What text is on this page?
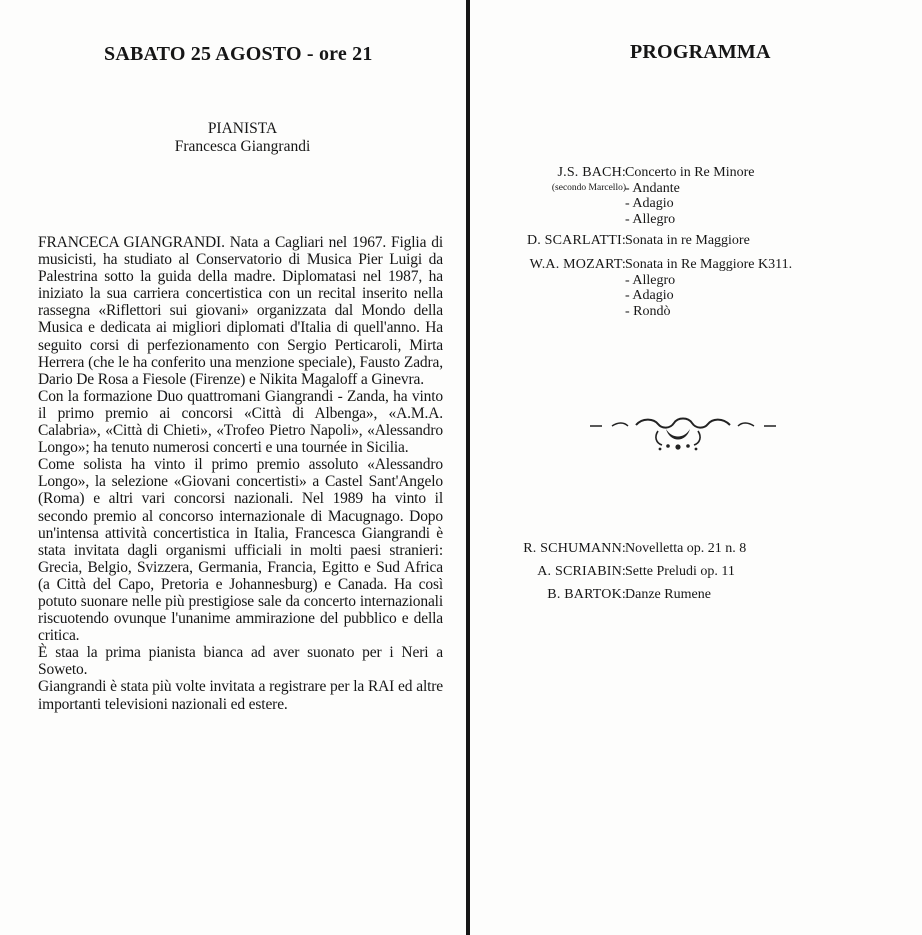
SABATO 25 AGOSTO - ore 21
PIANISTA
Francesca Giangrandi

FRANCECA GIANGRANDI. Nata a Cagliari nel 1967. Figlia di musicisti, ha studiato al Conservatorio di Musica Pier Luigi da Palestrina sotto la guida della madre. Diplomatasi nel 1987, ha iniziato la sua carriera concertistica con un recital inserito nella rassegna «Riflettori sui giovani» organizzata dal Mondo della Musica e dedicata ai migliori diplomati d'Italia di quell'anno. Ha seguito corsi di perfezionamento con Sergio Perticaroli, Mirta Herrera (che le ha conferito una menzione speciale), Fausto Zadra, Dario De Rosa a Fiesole (Firenze) e Nikita Magaloff a Ginevra.

Con la formazione Duo quattromani Giangrandi - Zanda, ha vinto il primo premio ai concorsi «Città di Albenga», «A.M.A. Calabria», «Città di Chieti», «Trofeo Pietro Napoli», «Alessandro Longo»; ha tenuto numerosi concerti e una tournée in Sicilia.

Come solista ha vinto il primo premio assoluto «Alessandro Longo», la selezione «Giovani concertisti» a Castel Sant'Angelo (Roma) e altri vari concorsi nazionali. Nel 1989 ha vinto il secondo premio al concorso internazionale di Macugnago. Dopo un'intensa attività concertistica in Italia, Francesca Giangrandi è stata invitata dagli organismi ufficiali in molti paesi stranieri: Grecia, Belgio, Svizzera, Germania, Francia, Egitto e Sud Africa (a Città del Capo, Pretoria e Johannesburg) e Canada. Ha così potuto suonare nelle più prestigiose sale da concerto internazionali riscuotendo ovunque l'unanime ammirazione del pubblico e della critica.

È staa la prima pianista bianca ad aver suonato per i Neri a Soweto.

Giangrandi è stata più volte invitata a registrare per la RAI ed altre importanti televisioni nazionali ed estere.

PROGRAMMA
J.S. BACH:
(secondo Marcello)
Concerto in Re Minore
- Andante
- Adagio
- Allegro
D. SCARLATTI: Sonata in re Maggiore
W.A. MOZART: Sonata in Re Maggiore K311.
- Allegro
- Adagio
- Rondò
R. SCHUMANN: Novelletta op. 21 n. 8
A. SCRIABIN: Sette Preludi op. 11
B. BARTOK: Danze Rumene
